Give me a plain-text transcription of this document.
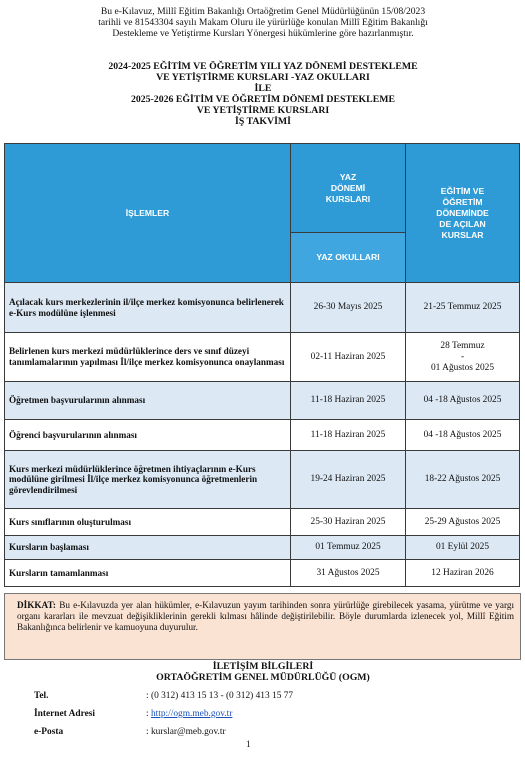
Bu e-Kılavuz, Millî Eğitim Bakanlığı Ortaöğretim Genel Müdürlüğünün 15/08/2023
tarihli ve 81543304 sayılı Makam Oluru ile yürürlüğe konulan Millî Eğitim Bakanlığı
Destekleme ve Yetiştirme Kursları Yönergesi hükümlerine göre hazırlanmıştır.
2024-2025 EĞİTİM VE ÖĞRETİM YILI YAZ DÖNEMİ DESTEKLEME
VE YETİŞTİRME KURSLARI -YAZ OKULLARI
İLE
2025-2026 EĞİTİM VE ÖĞRETİM DÖNEMİ DESTEKLEME
VE YETİŞTİRME KURSLARI
İŞ TAKVİMİ
İŞLEMLER	YAZ
DÖNEMİ
KURSLARI	EĞİTİM VE
ÖĞRETİM
DÖNEMİNDE
DE AÇILAN
KURSLAR
	YAZ OKULLARI	
Açılacak kurs merkezlerinin il/ilçe merkez komisyonunca belirlenerek e-Kurs modülüne işlenmesi	26-30 Mayıs 2025	21-25 Temmuz 2025
Belirlenen kurs merkezi müdürlüklerince ders ve sınıf düzeyi tanımlamalarının yapılması İl/ilçe merkez komisyonunca onaylanması	02-11 Haziran 2025	28 Temmuz
-
01 Ağustos 2025
Öğretmen başvurularının alınması	11-18 Haziran 2025	04 -18 Ağustos 2025
Öğrenci başvurularının alınması	11-18 Haziran 2025	04 -18 Ağustos 2025
Kurs merkezi müdürlüklerince öğretmen ihtiyaçlarının e-Kurs modülüne girilmesi İl/ilçe merkez komisyonunca öğretmenlerin görevlendirilmesi	19-24 Haziran 2025	18-22 Ağustos 2025
Kurs sınıflarının oluşturulması	25-30 Haziran 2025	25-29 Ağustos 2025
Kursların başlaması	01 Temmuz 2025	01 Eylül 2025
Kursların tamamlanması	31 Ağustos 2025	12 Haziran 2026
DİKKAT: Bu e-Kılavuzda yer alan hükümler, e-Kılavuzun yayım tarihinden sonra yürürlüğe girebilecek yasama, yürütme ve yargı organı kararları ile mevzuat değişikliklerinin gerekli kılması hâlinde değiştirilebilir. Böyle durumlarda izlenecek yol, Millî Eğitim Bakanlığınca belirlenir ve kamuoyuna duyurulur.
İLETİŞİM BİLGİLERİ
ORTAÖĞRETİM GENEL MÜDÜRLÜĞÜ (OGM)
Tel.	: (0 312) 413 15 13 - (0 312) 413 15 77
İnternet Adresi	: http://ogm.meb.gov.tr
e-Posta	: kurslar@meb.gov.tr
1
